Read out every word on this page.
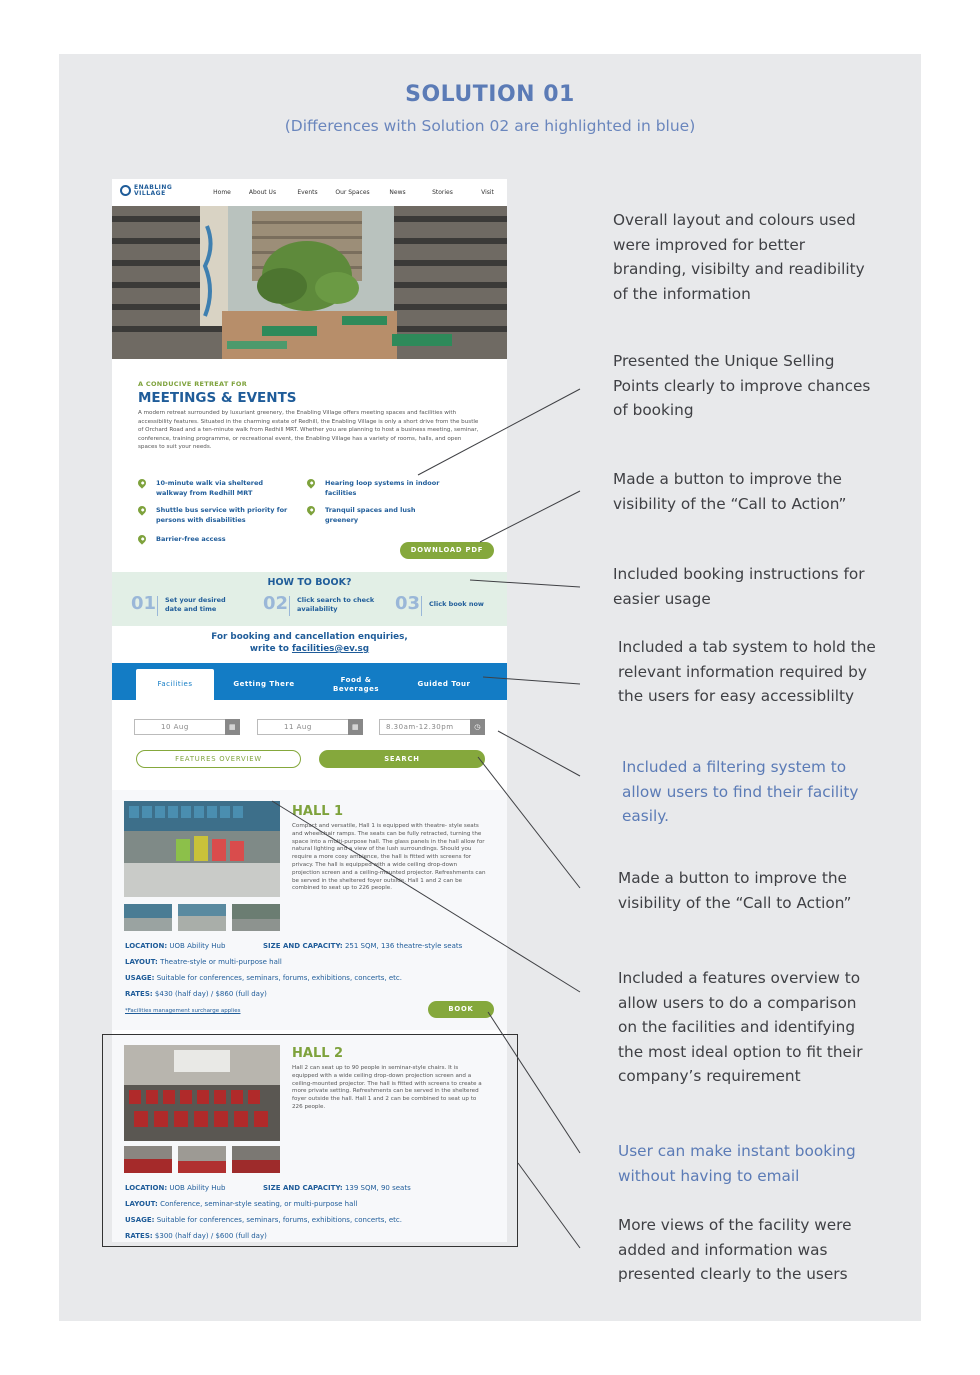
SOLUTION 01
(Differences with Solution 02 are highlighted in blue)
ENABLING
VILLAGE	Home	About Us	Events	Our Spaces	News	Stories	Visit
A CONDUCIVE RETREAT FOR
MEETINGS & EVENTS
A modern retreat surrounded by luxuriant greenery, the Enabling Village offers meeting spaces and facilities with accessibility features. Situated in the charming estate of Redhill, the Enabling Village is only a short drive from the bustle of Orchard Road and a ten-minute walk from Redhill MRT. Whether you are planning to host a business meeting, seminar, conference, training programme, or recreational event, the Enabling Village has a variety of rooms, halls, and open spaces to suit your needs.
10-minute walk via sheltered walkway from Redhill MRT
Hearing loop systems in indoor facilities
Shuttle bus service with priority for persons with disabilities
Tranquil spaces and lush greenery
Barrier-free access
DOWNLOAD PDF
HOW TO BOOK?
01 Set your desired date and time	02 Click search to check availability	03 Click book now
For booking and cancellation enquiries,
write to facilities@ev.sg
Facilities	Getting There
Food & Beverages
Guided Tour
10 Aug	▦	11 Aug	▦	8.30am-12.30pm	◷
FEATURES OVERVIEW	SEARCH
HALL 1
Compact and versatile, Hall 1 is equipped with theatre- style seats and wheelchair ramps. The seats can be fully retracted, turning the space into a multi-purpose hall. The glass panels in the hall allow for natural lighting and a view of the lush surroundings. Should you require a more cosy ambience, the hall is fitted with screens for privacy. The hall is equipped with a wide ceiling drop-down projection screen and a ceiling-mounted projector. Refreshments can be served in the sheltered foyer outside. Hall 1 and 2 can be combined to seat up to 226 people.
LOCATION: UOB Ability Hub	SIZE AND CAPACITY: 251 SQM, 136 theatre-style seats
LAYOUT: Theatre-style or multi-purpose hall
USAGE: Suitable for conferences, seminars, forums, exhibitions, concerts, etc.
RATES: $430 (half day) / $860 (full day)
*Facilities management surcharge applies	BOOK
HALL 2
Hall 2 can seat up to 90 people in seminar-style chairs. It is equipped with a wide ceiling drop-down projection screen and a ceiling-mounted projector. The hall is fitted with screens to create a more private setting. Refreshments can be served in the sheltered foyer outside the hall. Hall 1 and 2 can be combined to seat up to 226 people.
LOCATION: UOB Ability Hub	SIZE AND CAPACITY: 139 SQM, 90 seats
LAYOUT: Conference, seminar-style seating, or multi-purpose hall
USAGE: Suitable for conferences, seminars, forums, exhibitions, concerts, etc.
RATES: $300 (half day) / $600 (full day)
Overall layout and colours used were improved for better branding, visibilty and readibility of the information
Presented the Unique Selling Points clearly to improve chances of booking
Made a button to improve the visibility of the “Call to Action”
Included booking instructions for easier usage
Included a tab system to hold the relevant information required by the users for easy accessiblilty
Included a filtering system to allow users to find their facility easily.
Made a button to improve the visibility of the “Call to Action”
Included a features overview to allow users to do a comparison on the facilities and identifying the most ideal option to fit their company’s requirement
User can make instant booking without having to email
More views of the facility were added and information was presented clearly to the users
